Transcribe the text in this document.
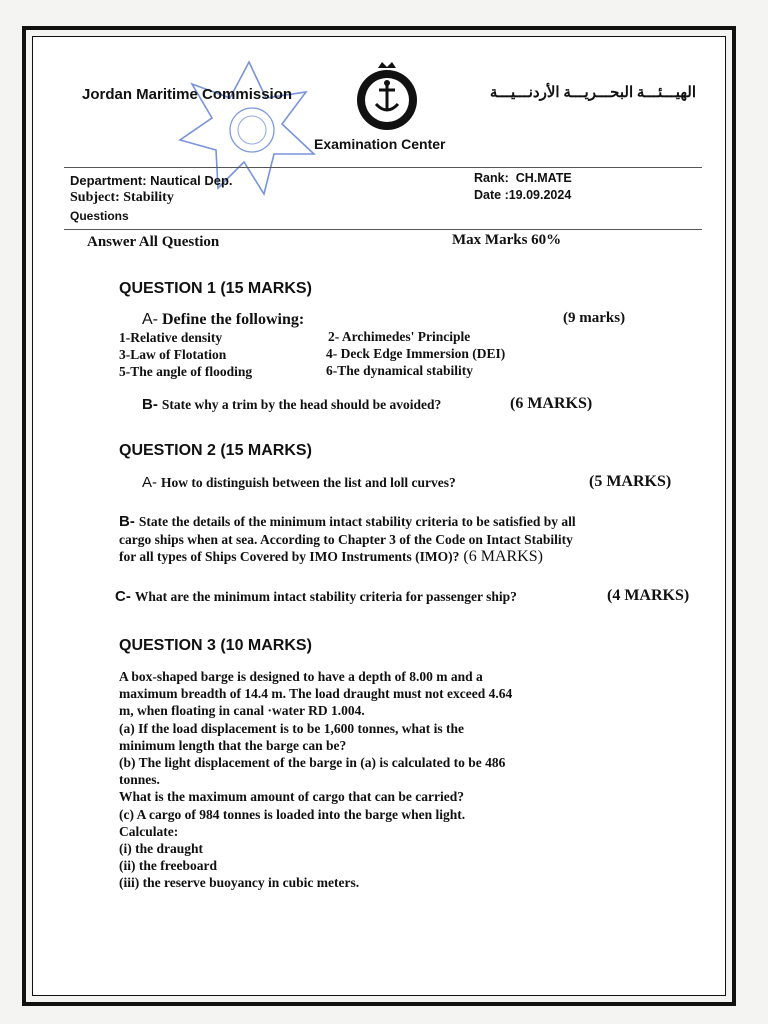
Jordan Maritime Commission	الهيـــئـــة البحـــريـــة الأردنـــيـــة
Examination Center
Department: Nautical Dep.
Subject: Stability
Questions
Rank: CH.MATE
Date :19.09.2024
Answer All Question	Max Marks 60%
QUESTION 1 (15 MARKS)
A- Define the following:	(9 marks)
1-Relative density	2- Archimedes' Principle
3-Law of Flotation	4- Deck Edge Immersion (DEI)
5-The angle of flooding	6-The dynamical stability
B- State why a trim by the head should be avoided?	(6 MARKS)
QUESTION 2 (15 MARKS)
A- How to distinguish between the list and loll curves?	(5 MARKS)
B- State the details of the minimum intact stability criteria to be satisfied by all
cargo ships when at sea. According to Chapter 3 of the Code on Intact Stability
for all types of Ships Covered by IMO Instruments (IMO)? (6 MARKS)
C- What are the minimum intact stability criteria for passenger ship?	(4 MARKS)
QUESTION 3 (10 MARKS)
A box-shaped barge is designed to have a depth of 8.00 m and a
maximum breadth of 14.4 m. The load draught must not exceed 4.64
m, when floating in canal ·water RD 1.004.
(a) If the load displacement is to be 1,600 tonnes, what is the
minimum length that the barge can be?
(b) The light displacement of the barge in (a) is calculated to be 486
tonnes.
What is the maximum amount of cargo that can be carried?
(c) A cargo of 984 tonnes is loaded into the barge when light.
Calculate:
(i) the draught
(ii) the freeboard
(iii) the reserve buoyancy in cubic meters.
